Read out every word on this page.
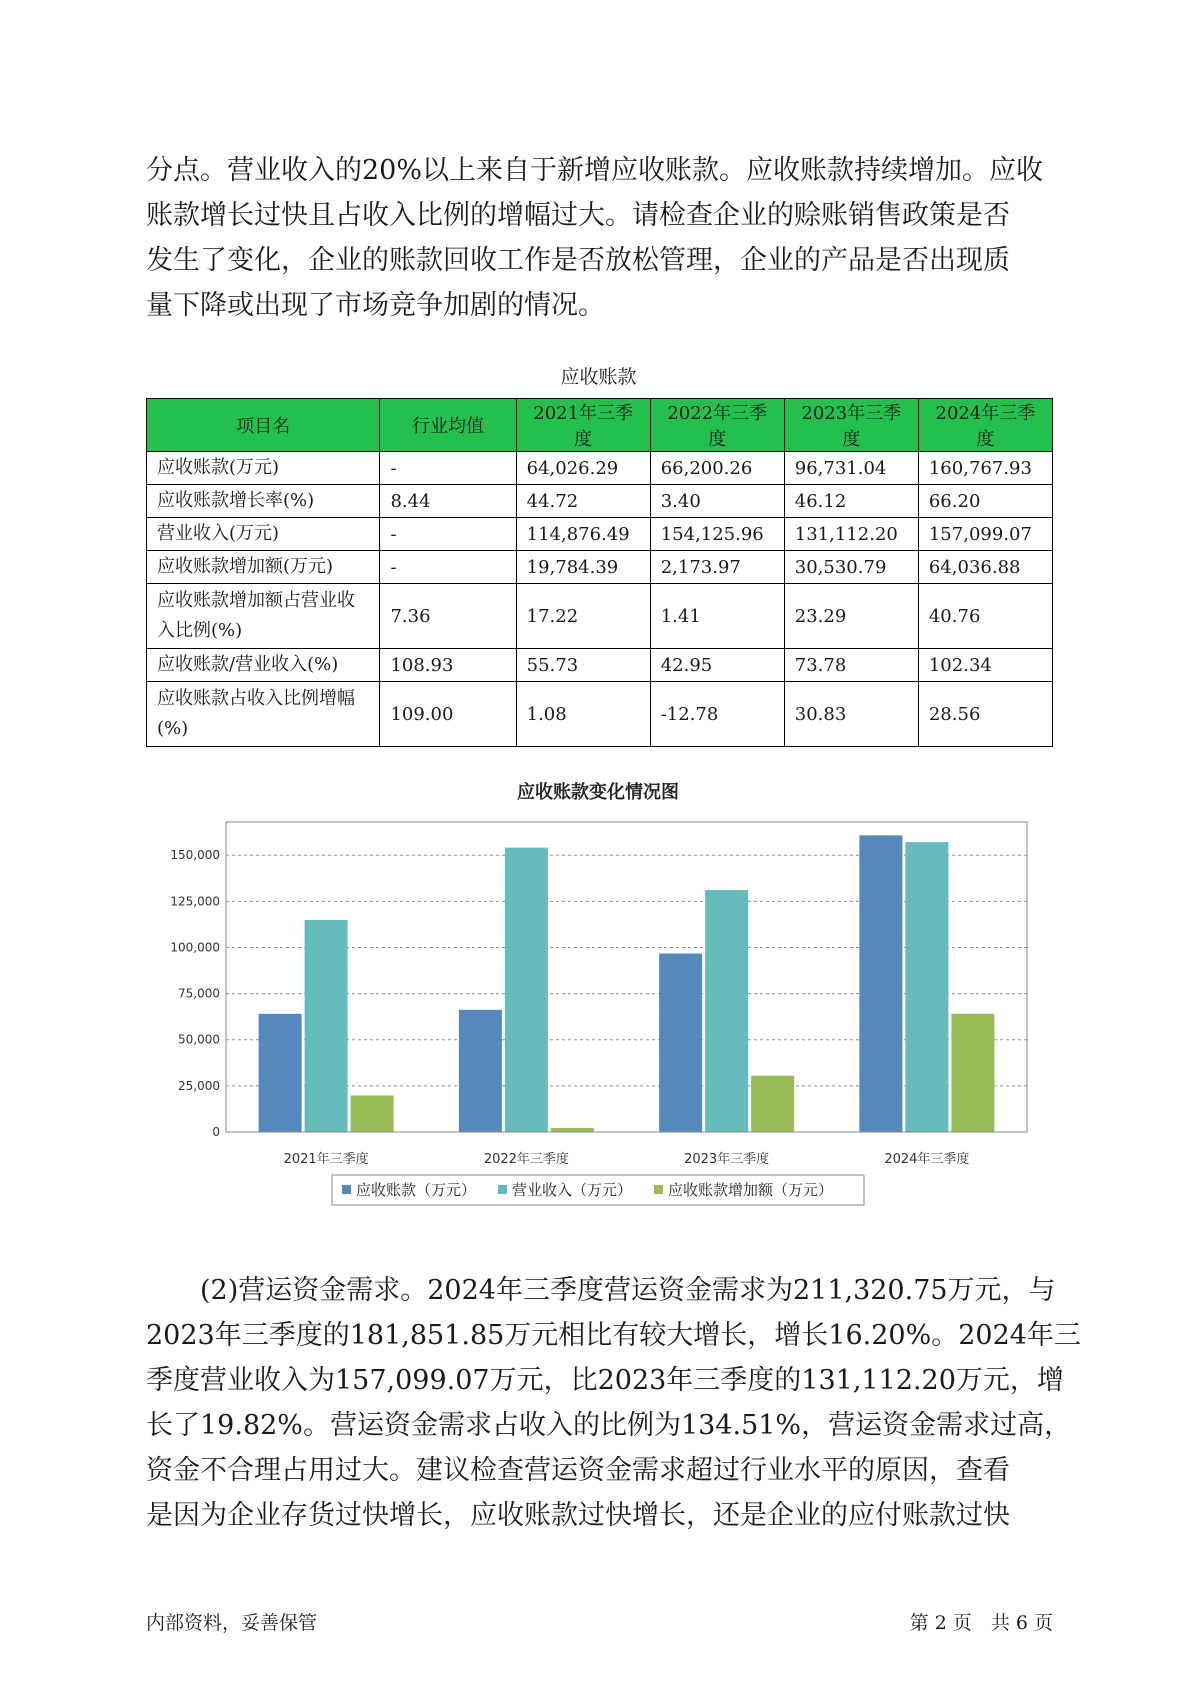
分点。营业收入的20%以上来自于新增应收账款。应收账款持续增加。应收
账款增长过快且占收入比例的增幅过大。请检查企业的赊账销售政策是否
发生了变化，企业的账款回收工作是否放松管理，企业的产品是否出现质
量下降或出现了市场竞争加剧的情况。
应收账款
项目名	行业均值	2021年三季度	2022年三季度	2023年三季度	2024年三季度
应收账款(万元)	-	64,026.29	66,200.26	96,731.04	160,767.93
应收账款增长率(%)	8.44	44.72	3.40	46.12	66.20
营业收入(万元)	-	114,876.49	154,125.96	131,112.20	157,099.07
应收账款增加额(万元)	-	19,784.39	2,173.97	30,530.79	64,036.88
应收账款增加额占营业收
入比例(%)	7.36	17.22	1.41	23.29	40.76
应收账款/营业收入(%)	108.93	55.73	42.95	73.78	102.34
应收账款占收入比例增幅
(%)	109.00	1.08	-12.78	30.83	28.56
应收账款变化情况图
0
25,000
50,000
75,000
100,000
125,000
150,000
2021年三季度	2022年三季度	2023年三季度	2024年三季度
应收账款（万元） 营业收入（万元） 应收账款增加额（万元）
　　(2)营运资金需求。2024年三季度营运资金需求为211,320.75万元，与
2023年三季度的181,851.85万元相比有较大增长，增长16.20%。2024年三
季度营业收入为157,099.07万元，比2023年三季度的131,112.20万元，增
长了19.82%。营运资金需求占收入的比例为134.51%，营运资金需求过高，
资金不合理占用过大。建议检查营运资金需求超过行业水平的原因，查看
是因为企业存货过快增长，应收账款过快增长，还是企业的应付账款过快
内部资料，妥善保管	第 2 页　共 6 页
